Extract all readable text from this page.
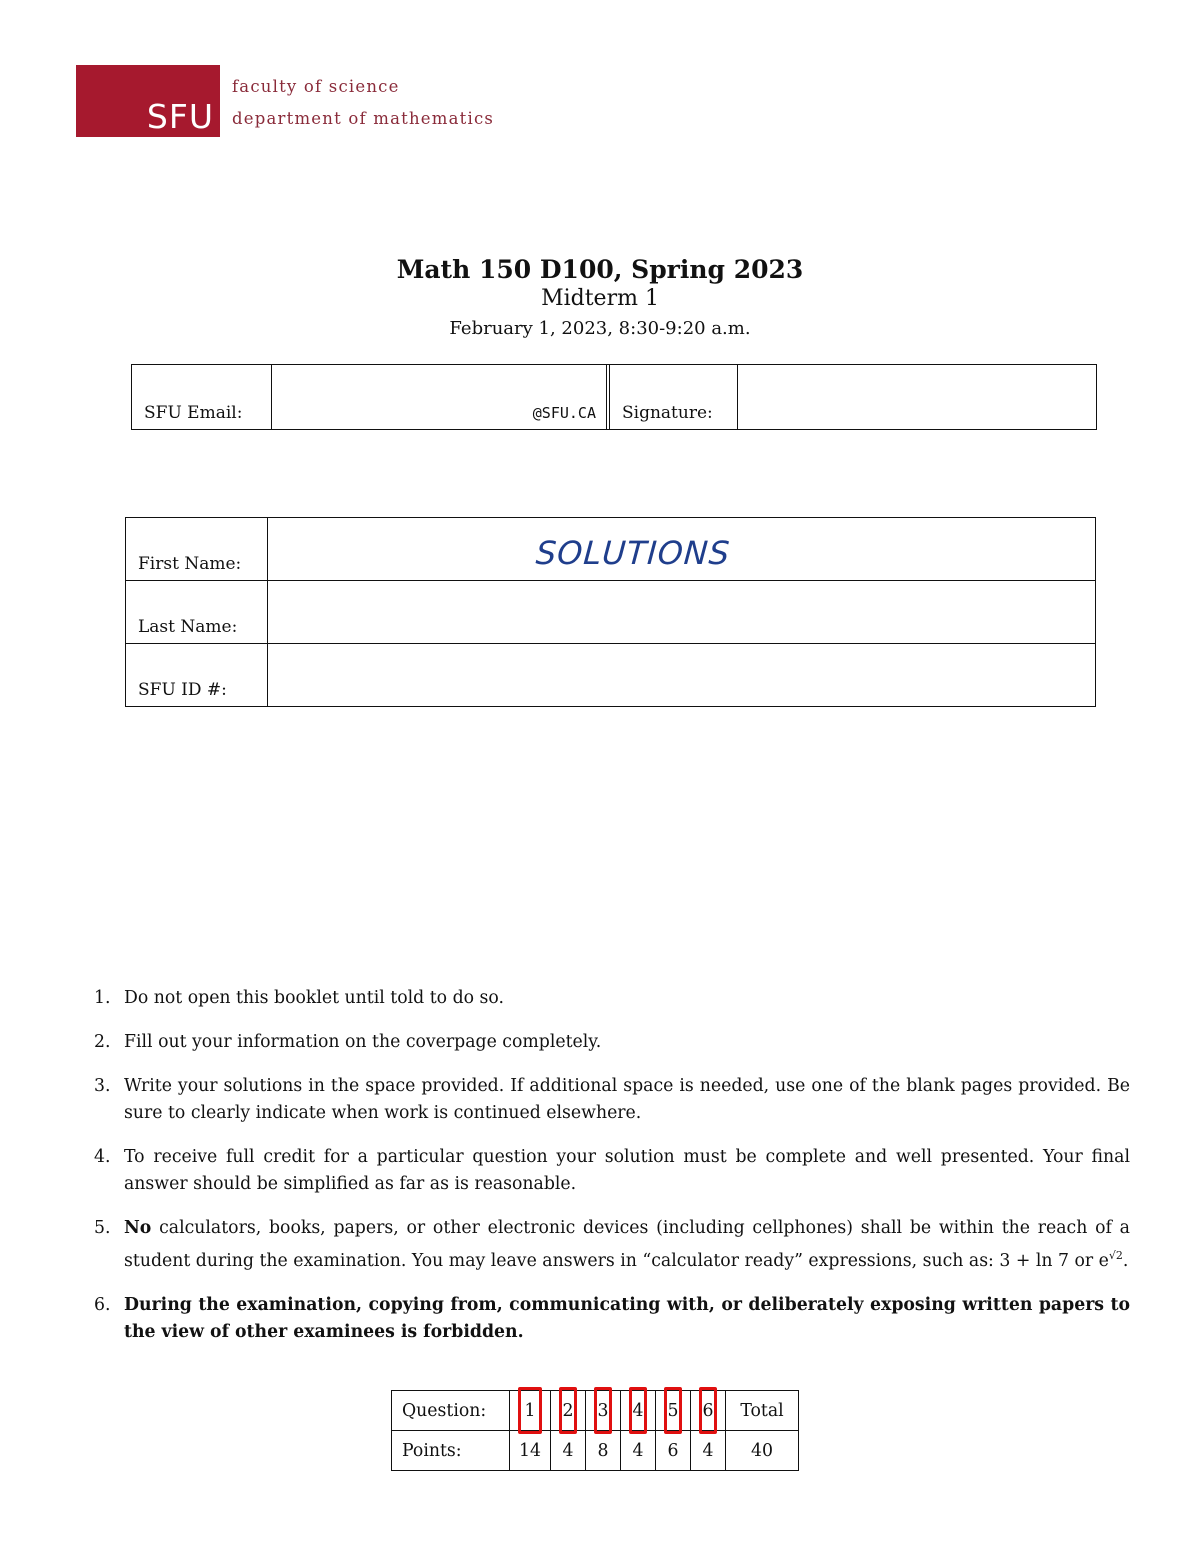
SFU
faculty of science
department of mathematics
Math 150 D100, Spring 2023
Midterm 1
February 1, 2023, 8:30-9:20 a.m.
SFU Email:	@SFU.CA Signature:
First Name:	SOLUTIONS

Last Name:	
SFU ID #:	
1. Do not open this booklet until told to do so.
2. Fill out your information on the coverpage completely.
3. Write your solutions in the space provided. If additional space is needed, use one of the blank pages provided. Be sure to clearly indicate when work is continued elsewhere.
4. To receive full credit for a particular question your solution must be complete and well presented. Your final answer should be simplified as far as is reasonable.
5. No calculators, books, papers, or other electronic devices (including cellphones) shall be within the reach of a student during the examination. You may leave answers in “calculator ready” expressions, such as: 3 + ln 7 or $e^{√2}$.
6. During the examination, copying from, communicating with, or deliberately exposing written papers to the view of other examinees is forbidden.
Question:	1	2	3	4	5	6	Total
Points:	14	4	8	4	6	4	40
